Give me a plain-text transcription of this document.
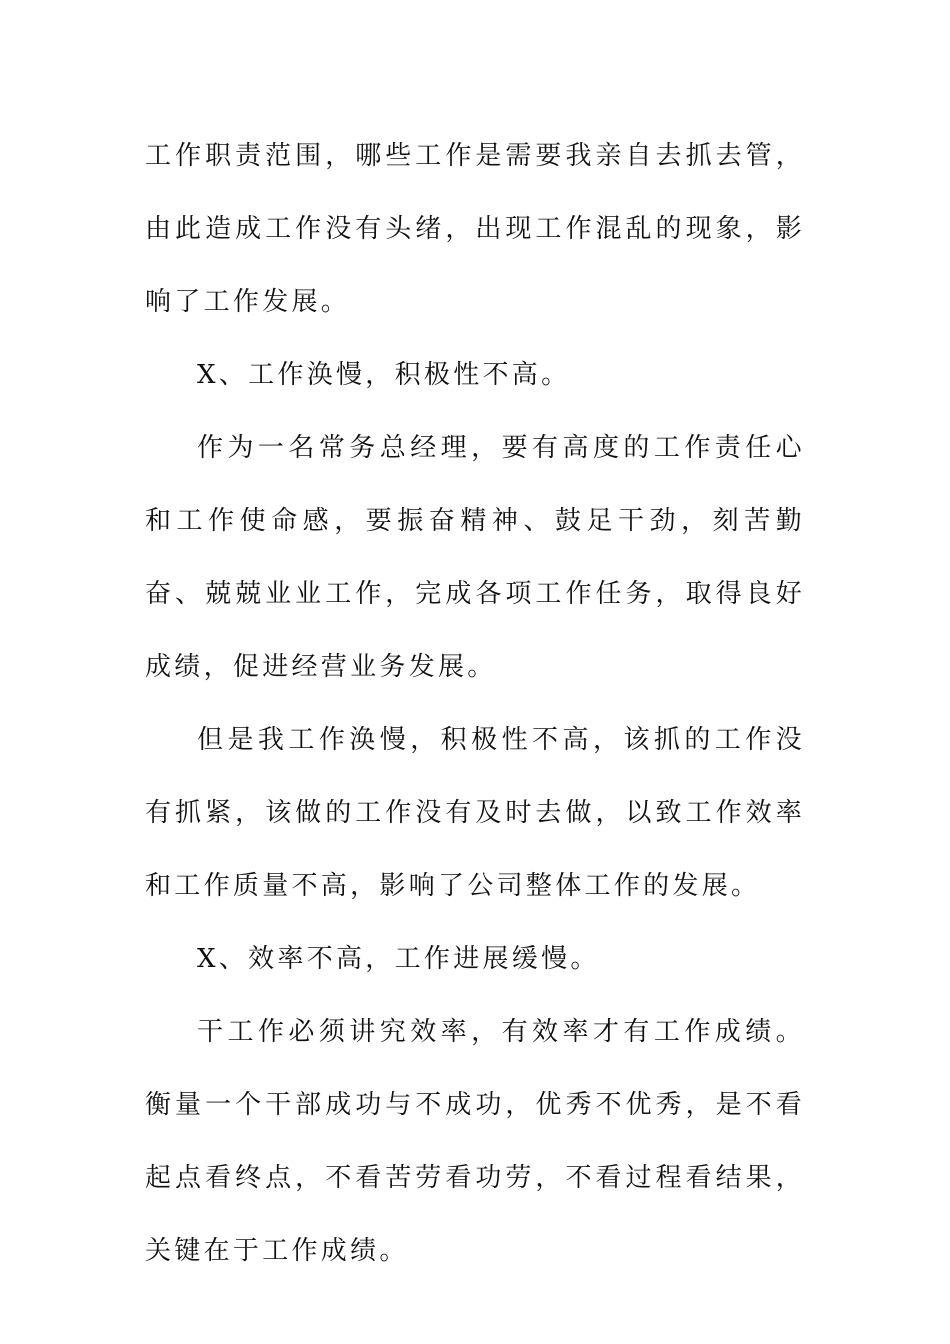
工作职责范围，哪些工作是需要我亲自去抓去管，由此造成工作没有头绪，出现工作混乱的现象，影响了工作发展。

X、工作涣慢，积极性不高。

作为一名常务总经理，要有高度的工作责任心和工作使命感，要振奋精神、鼓足干劲，刻苦勤奋、兢兢业业工作，完成各项工作任务，取得良好成绩，促进经营业务发展。

但是我工作涣慢，积极性不高，该抓的工作没有抓紧，该做的工作没有及时去做，以致工作效率和工作质量不高，影响了公司整体工作的发展。

X、效率不高，工作进展缓慢。

干工作必须讲究效率，有效率才有工作成绩。衡量一个干部成功与不成功，优秀不优秀，是不看起点看终点，不看苦劳看功劳，不看过程看结果，关键在于工作成绩。
